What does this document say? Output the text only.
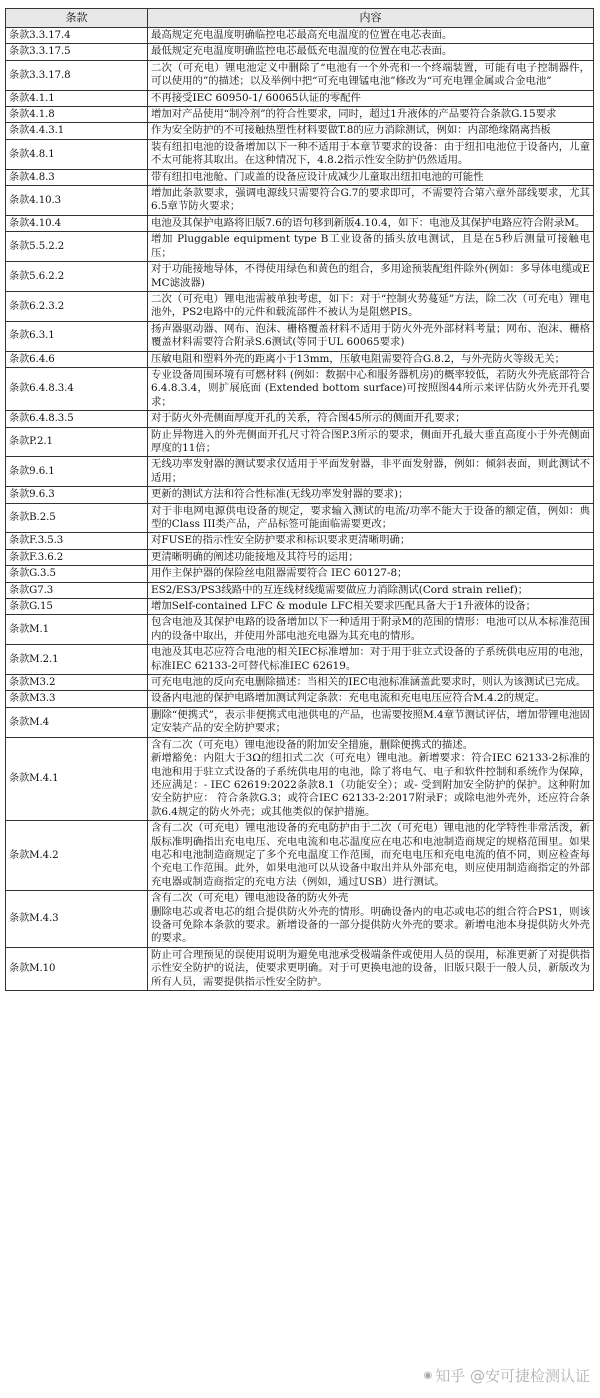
条款	内容
条款3.3.17.4	最高规定充电温度明确临控电芯最高充电温度的位置在电芯表面。

条款3.3.17.5	最低规定充电温度明确监控电芯最低充电温度的位置在电芯表面。

条款3.3.17.8	二次（可充电）锂电池定义中删除了“电池有一个外壳和一个终端装置，可能有电子控制器件，可以使用的”的描述；以及举例中把“可充电锂锰电池”修改为“可充电锂金属或合金电池”

条款4.1.1	不再接受IEC 60950-1/ 60065认证的零配件

条款4.1.8	增加对产品使用“制冷剂”的符合性要求，同时，超过1升液体的产品要符合条款G.15要求

条款4.4.3.1	作为安全防护的不可接触热塑性材料要做T.8的应力消除测试，例如：内部绝缘隔离挡板

条款4.8.1	装有纽扣电池的设备增加以下一种不适用于本章节要求的设备：由于纽扣电池位于设备内，儿童不太可能将其取出。在这种情况下，4.8.2指示性安全防护仍然适用。

条款4.8.3	带有纽扣电池舱、门或盖的设备应设计成减少儿童取出纽扣电池的可能性

条款4.10.3	增加此条款要求，强调电源线只需要符合G.7的要求即可，不需要符合第六章外部线要求，尤其6.5章节防火要求；

条款4.10.4	电池及其保护电路将旧版7.6的语句移到新版4.10.4，如下：电池及其保护电路应符合附录M。

条款5.5.2.2	增加 Pluggable equipment type B工业设备的插头放电测试，且是在5秒后测量可接触电压；

条款5.6.2.2	对于功能接地导体，不得使用绿色和黄色的组合，多用途预装配组件除外(例如：多导体电缆或EMC滤波器)

条款6.2.3.2	二次（可充电）锂电池需被单独考虑，如下：对于“控制火势蔓延”方法，除二次（可充电）锂电池外，PS2电路中的元件和载流部件不被认为是阻燃PIS。

条款6.3.1	扬声器驱动器、网布、泡沫、栅格覆盖材料不适用于防火外壳外部材料考量；网布、泡沫、栅格覆盖材料需要符合附录S.6测试(等同于UL 60065要求)

条款6.4.6	压敏电阻和塑料外壳的距离小于13mm，压敏电阻需要符合G.8.2，与外壳防火等级无关；

条款6.4.8.3.4	专业设备周围环境有可燃材料 (例如：数据中心和服务器机房)的概率较低，若防火外壳底部符合6.4.8.3.4，则扩展底面 (Extended bottom surface)可按照图44所示来评估防火外壳开孔要求；

条款6.4.8.3.5	对于防火外壳侧面厚度开孔的关系，符合图45所示的侧面开孔要求；

条款P.2.1	防止异物进入的外壳侧面开孔尺寸符合图P.3所示的要求，侧面开孔最大垂直高度小于外壳侧面厚度的11倍；

条款9.6.1	无线功率发射器的测试要求仅适用于平面发射器，非平面发射器，例如：倾斜表面，则此测试不适用；

条款9.6.3	更新的测试方法和符合性标准(无线功率发射器的要求)；

条款B.2.5	对于非电网电源供电设备的规定，要求输入测试的电流/功率不能大于设备的额定值，例如：典型的Class III类产品，产品标签可能面临需要更改；

条款F.3.5.3	对FUSE的指示性安全防护要求和标识要求更清晰明确；

条款F.3.6.2	更清晰明确的阐述功能接地及其符号的运用；

条款G.3.5	用作主保护器的保险丝电阻器需要符合 IEC 60127-8；

条款G7.3	ES2/ES3/PS3线路中的互连线材线缆需要做应力消除测试(Cord strain relief)；

条款G.15	增加Self-contained LFC & module LFC相关要求匹配具备大于1升液体的设备；

条款M.1	包含电池及其保护电路的设备增加以下一种适用于附录M的范围的情形：电池可以从本标准范围内的设备中取出，并使用外部电池充电器为其充电的情形。

条款M.2.1	电池及其电芯应符合电池的相关IEC标准增加：对于用于驻立式设备的子系统供电应用的电池，标准IEC 62133-2可替代标准IEC 62619。

条款M3.2	可充电电池的反向充电删除描述：当相关的IEC电池标准涵盖此要求时，则认为该测试已完成。

条款M3.3	设备内电池的保护电路增加测试判定条款：充电电流和充电电压应符合M.4.2的规定。

条款M.4	删除“便携式”，表示非便携式电池供电的产品，也需要按照M.4章节测试评估，增加带锂电池固定安装产品的安全防护要求；

条款M.4.1	含有二次（可充电）锂电池设备的附加安全措施，删除便携式的描述。
新增豁免：内阻大于3Ω的纽扣式二次（可充电）锂电池。新增要求：符合IEC 62133-2标准的电池和用于驻立式设备的子系统供电用的电池，除了将电气、电子和软件控制和系统作为保障，还应满足：- IEC 62619:2022条款8.1（功能安全）；或- 受到附加安全防护的保护。这种附加安全防护应： 符合条款G.3；或符合IEC 62133-2:2017附录F；或除电池外壳外，还应符合条款6.4规定的防火外壳；或其他类似的保护措施。

条款M.4.2	含有二次（可充电）锂电池设备的充电防护由于二次（可充电）锂电池的化学特性非常活泼，新版标准明确指出充电电压、充电电流和电芯温度应在电芯和电池制造商规定的规格范围里。如果电芯和电池制造商规定了多个充电温度工作范围，而充电电压和充电电流的值不同，则应检查每个充电工作范围。此外，如果电池可以从设备中取出并从外部充电，则应使用制造商指定的外部充电器或制造商指定的充电方法（例如，通过USB）进行测试。

条款M.4.3	含有二次（可充电）锂电池设备的防火外壳
删除电芯或者电芯的组合提供防火外壳的情形。明确设备内的电芯或电芯的组合符合PS1，则该设备可免除本条款的要求。新增设备的一部分提供防火外壳的要求。新增电池本身提供防火外壳的要求。

条款M.10	防止可合理预见的误使用说明为避免电池承受极端条件或使用人员的误用，标准更新了对提供指示性安全防护的说法，使要求更明确。对于可更换电池的设备，旧版只限于一般人员，新版改为所有人员，需要提供指示性安全防护。
◉ 知乎 @安可捷检测认证
